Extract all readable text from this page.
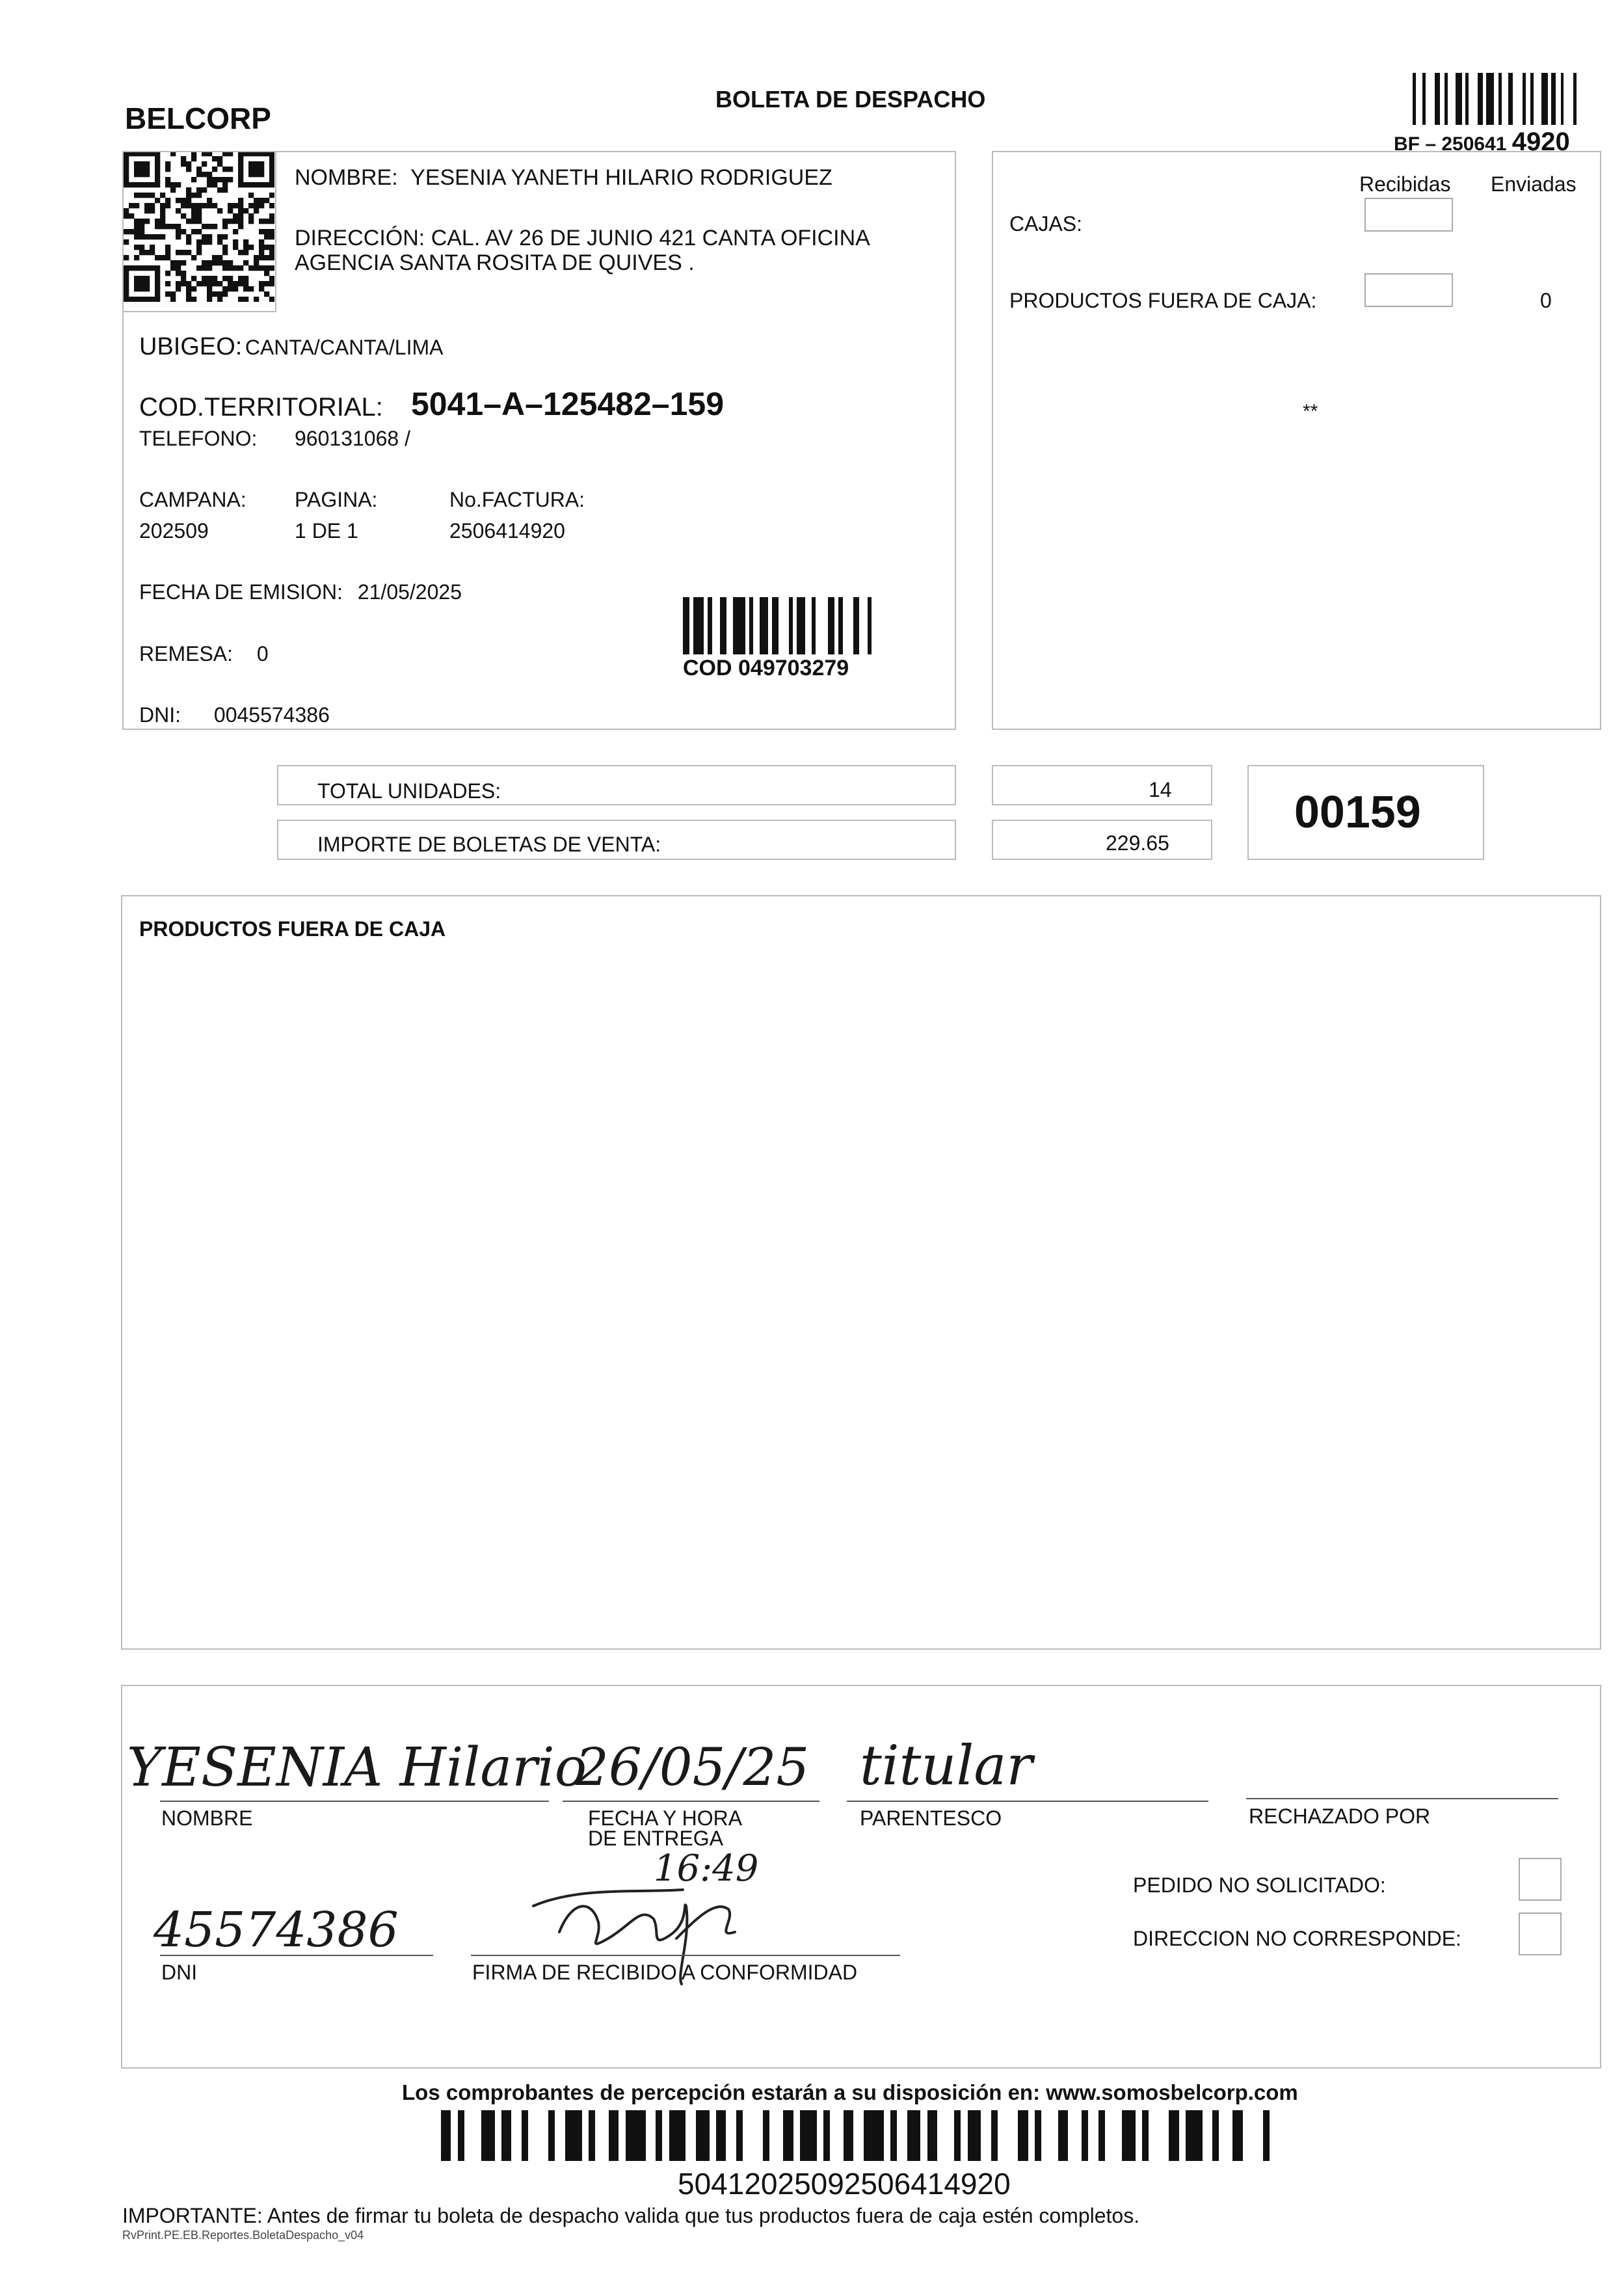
BELCORP
BOLETA DE DESPACHO
BF – 250641 4920
NOMBRE: YESENIA YANETH HILARIO RODRIGUEZ
DIRECCIÓN: CAL. AV 26 DE JUNIO 421 CANTA OFICINA
AGENCIA SANTA ROSITA DE QUIVES .
UBIGEO: CANTA/CANTA/LIMA
COD.TERRITORIAL: 5041–A–125482–159
TELEFONO: 960131068 /
CAMPANA: PAGINA:	No.FACTURA:
202509	1 DE 1	2506414920
FECHA DE EMISION: 21/05/2025
REMESA: 0
DNI: 0045574386
COD 049703279
Recibidas Enviadas
CAJAS:
PRODUCTOS FUERA DE CAJA:	0
**
TOTAL UNIDADES:	14
IMPORTE DE BOLETAS DE VENTA:	229.65
00159
PRODUCTOS FUERA DE CAJA
YESENIA Hilario
NOMBRE
26/05/25
FECHA Y HORA
DE ENTREGA
16:49
titular
PARENTESCO	RECHAZADO POR
45574386
DNI	FIRMA DE RECIBIDO A CONFORMIDAD
PEDIDO NO SOLICITADO:
DIRECCION NO CORRESPONDE:
Los comprobantes de percepción estarán a su disposición en: www.somosbelcorp.com
50412025092506414920
IMPORTANTE: Antes de firmar tu boleta de despacho valida que tus productos fuera de caja estén completos.
RvPrint.PE.EB.Reportes.BoletaDespacho_v04
